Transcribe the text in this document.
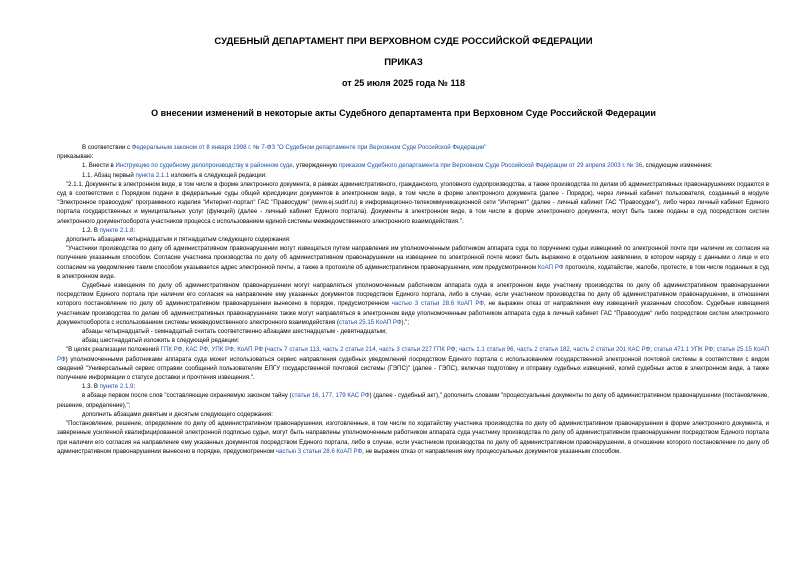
СУДЕБНЫЙ ДЕПАРТАМЕНТ ПРИ ВЕРХОВНОМ СУДЕ РОССИЙСКОЙ ФЕДЕРАЦИИ
ПРИКАЗ
от 25 июля 2025 года № 118
О внесении изменений в некоторые акты Судебного департамента при Верховном Суде Российской Федерации

В соответствии с Федеральным законом от 8 января 1998 г. № 7-ФЗ "О Судебном департаменте при Верховном Суде Российской Федерации"

приказываю:

1. Внести в Инструкцию по судебному делопроизводству в районном суде, утвержденную приказом Судебного департамента при Верховном Суде Российской Федерации от 29 апреля 2003 г. № 36, следующие изменения:

1.1. Абзац первый пункта 2.1.1 изложить в следующей редакции:

"2.1.1. Документы в электронном виде, в том числе в форме электронного документа, в рамках административного, гражданского, уголовного судопроизводства, а также производства по делам об административных правонарушениях подаются в суд в соответствии с Порядком подачи в федеральные суды общей юрисдикции документов в электронном виде, в том числе в форме электронного документа (далее - Порядок), через личный кабинет пользователя, созданный в модуле "Электронное правосудие" программного изделия "Интернет-портал" ГАС "Правосудие" (www.ej.sudrf.ru) в информационно-телекоммуникационной сети "Интернет" (далее - личный кабинет ГАС "Правосудие"), либо через личный кабинет Единого портала государственных и муниципальных услуг (функций) (далее - личный кабинет Единого портала). Документы в электронном виде, в том числе в форме электронного документа, могут быть также поданы в суд посредством систем электронного документооборота участников процесса с использованием единой системы межведомственного электронного взаимодействия.".

1.2. В пункте 2.1.8:

дополнить абзацами четырнадцатым и пятнадцатым следующего содержания:

"Участники производства по делу об административном правонарушении могут извещаться путем направления им уполномоченным работником аппарата суда по поручению судьи извещений по электронной почте при наличии их согласия на получение указанным способом. Согласие участника производства по делу об административном правонарушении на извещение по электронной почте может быть выражено в отдельном заявлении, в котором наряду с данными о лице и его согласием на уведомление таким способом указывается адрес электронной почты, а также в протоколе об административном правонарушении, иом предусмотренном КоАП РФ протоколе, ходатайстве, жалобе, протесте, в том числе поданных в суд в электронном виде.

Судебные извещения по делу об административном правонарушении могут направляться уполномоченным работником аппарата суда в электронном виде участнику производства по делу об административном правонарушении посредством Единого портала при наличии его согласия на направление ему указанных документов посредством Единого портала, либо в случае, если участником производства по делу об административном правонарушении, в отношении которого постановление по делу об административном правонарушении вынесено в порядке, предусмотренном частью 3 статьи 28.6 КоАП РФ, не выражен отказ от направления ему извещений указанным способом. Судебные извещения участникам производства по делам об административных правонарушениях также могут направляться в электронном виде уполномоченным работником аппарата суда в личный кабинет ГАС "Правосудие" либо посредством систем электронного документооборота с использованием системы межведомственного электронного взаимодействия (статья 25.15 КоАП РФ).";

абзацы четырнадцатый - семнадцатый считать соответственно абзацами шестнадцатым - девятнадцатым;

абзац шестнадцатый изложить в следующей редакции:

"В целях реализации положений ГПК РФ, КАС РФ, УПК РФ, КоАП РФ (часть 7 статьи 113, часть 2 статьи 214, часть 3 статьи 227 ГПК РФ; часть 1.1 статьи 96, часть 2 статьи 182, часть 2 статьи 201 КАС РФ; статья 471.1 УПК РФ; статья 25.15 КоАП РФ) уполномоченными работниками аппарата суда может использоваться сервис направления судебных уведомлений посредством Единого портала с использованием государственной электронной почтовой системы в соответствии с видом сведений "Универсальный сервис отправки сообщений пользователям ЕПГУ государственной почтовой системы (ГЭПС)" (далее - ГЭПС), включая подготовку и отправку судебных извещений, копий судебных актов в электронном виде, а также получение информации о статусе доставки и прочтения извещения.".

1.3. В пункте 2.1.9:

в абзаце первом после слов "составляющие охраняемую законом тайну (статьи 16, 177, 179 КАС РФ) (далее - судебный акт)," дополнить словами "процессуальные документы по делу об административном правонарушении (постановление, решение, определение),";

дополнить абзацами девятым и десятым следующего содержания:

"Постановление, решение, определение по делу об административном правонарушении, изготовленные, в том числе по ходатайству участника производства по делу об административном правонарушении в форме электронного документа, и заверенные усиленной квалифицированной электронной подписью судьи, могут быть направлены уполномоченным работником аппарата суда участнику производства по делу об административном правонарушении посредством Единого портала при наличии его согласия на направление ему указанных документов посредством Единого портала, либо в случае, если участником производства по делу об административном правонарушении, в отношении которого постановление по делу об административном правонарушении вынесено в порядке, предусмотренном частью 3 статьи 28.6 КоАП РФ, не выражен отказ от направления ему процессуальных документов указанным способом.
